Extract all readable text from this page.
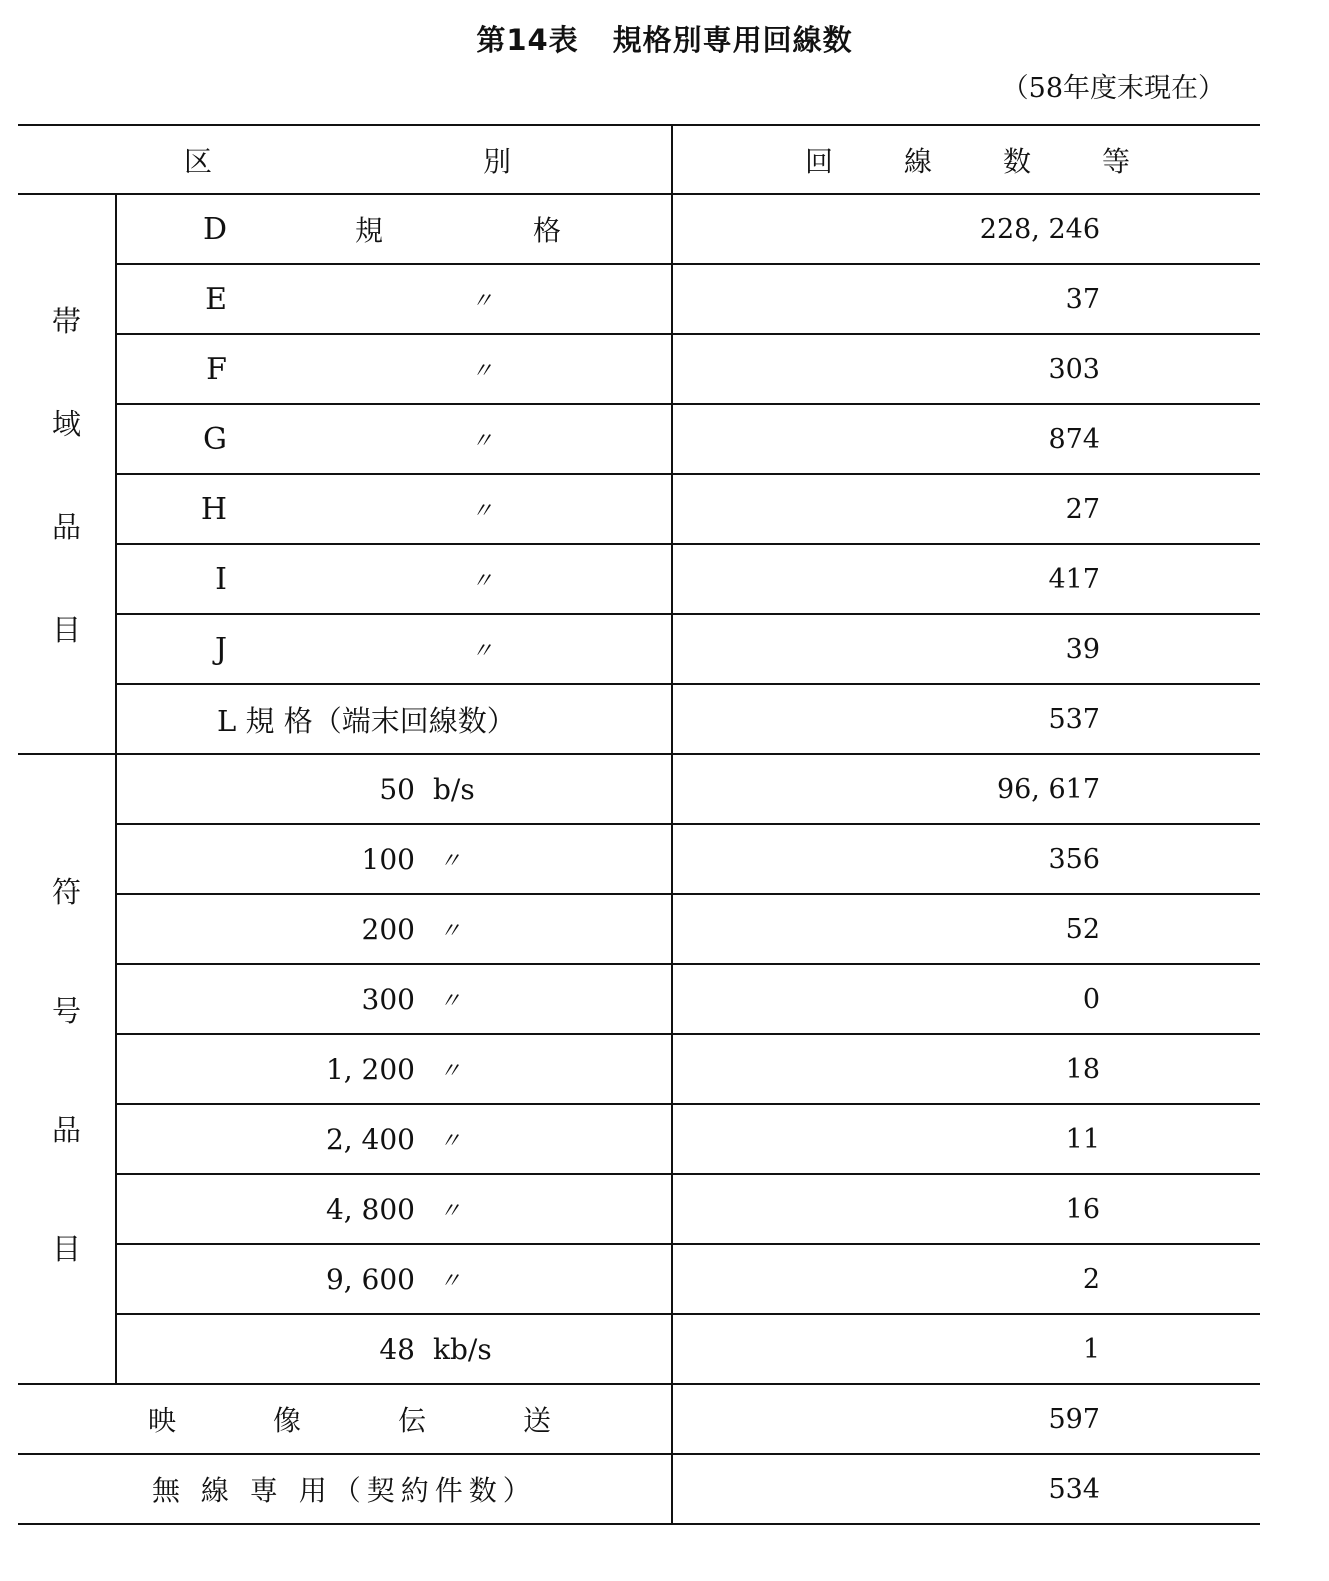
第14表 規格別専用回線数
（58年度末現在）
区 別		回 線 数 等

帯
域
品
目	D 規 格	228, 246

	E 〃	37

	F 〃	303

	G 〃	874

	H 〃	27

	I 〃	417

	J 〃	39

	L 規 格（端末回線数）	537

符
号
品
目	50 b/s	96, 617

	100 〃	356

	200 〃	52

	300 〃	0

	1, 200 〃	18

	2, 400 〃	11

	4, 800 〃	16

	9, 600 〃	2

	48 kb/s	1

映 像 伝 送		597

無 線 専 用（契約件数）		534
